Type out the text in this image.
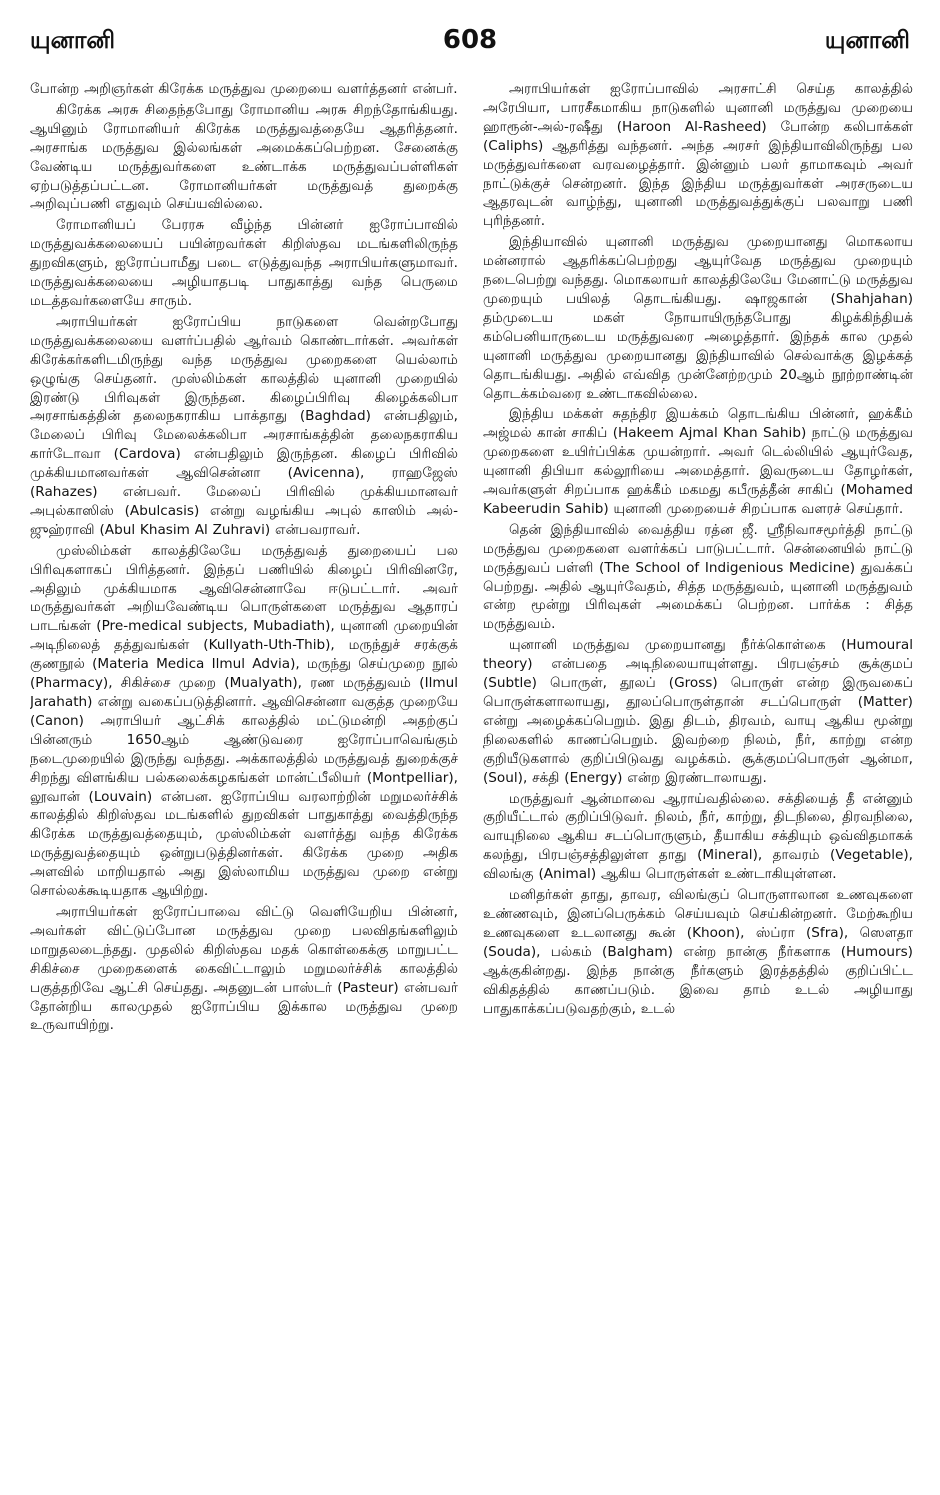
யுனானி	608	யுனானி

போன்ற அறிஞர்கள் கிரேக்க மருத்துவ முறையை வளர்த்தனர் என்பர்.

கிரேக்க அரசு சிதைந்தபோது ரோமானிய அரசு சிறந்தோங்கியது. ஆயினும் ரோமானியர் கிரேக்க மருத்துவத்தையே ஆதரித்தனர். அரசாங்க மருத்துவ இல்லங்கள் அமைக்கப்பெற்றன. சேனைக்கு வேண்டிய மருத்துவர்களை உண்டாக்க மருத்துவப்பள்ளிகள் ஏற்படுத்தப்பட்டன. ரோமானியர்கள் மருத்துவத் துறைக்கு அறிவுப்பணி எதுவும் செய்யவில்லை.

ரோமானியப் பேரரசு வீழ்ந்த பின்னர் ஐரோப்பாவில் மருத்துவக்கலையைப் பயின்றவர்கள் கிறிஸ்தவ மடங்களிலிருந்த துறவிகளும், ஐரோப்பாமீது படை எடுத்துவந்த அராபியர்களுமாவர். மருத்துவக்கலையை அழியாதபடி பாதுகாத்து வந்த பெருமை மடத்தவர்களையே சாரும்.

அராபியர்கள் ஐரோப்பிய நாடுகளை வென்றபோது மருத்துவக்கலையை வளர்ப்பதில் ஆர்வம் கொண்டார்கள். அவர்கள் கிரேக்கர்களிடமிருந்து வந்த மருத்துவ முறைகளை யெல்லாம் ஒழுங்கு செய்தனர். முஸ்லிம்கள் காலத்தில் யுனானி முறையில் இரண்டு பிரிவுகள் இருந்தன. கிழைப்பிரிவு கிழைக்கலிபா அரசாங்கத்தின் தலைநகராகிய பாக்தாது (Baghdad) என்பதிலும், மேலைப் பிரிவு மேலைக்கலிபா அரசாங்கத்தின் தலைநகராகிய கார்டோவா (Cardova) என்பதிலும் இருந்தன. கிழைப் பிரிவில் முக்கியமானவர்கள் ஆவிசென்னா (Avicenna), ராஹஜேஸ் (Rahazes) என்பவர். மேலைப் பிரிவில் முக்கியமானவர் அபுல்காஸிஸ் (Abulcasis) என்று வழங்கிய அபுல் காஸிம் அல்-ஜுஹ்ராவி (Abul Khasim Al Zuhravi) என்பவராவர்.

முஸ்லிம்கள் காலத்திலேயே மருத்துவத் துறையைப் பல பிரிவுகளாகப் பிரித்தனர். இந்தப் பணியில் கிழைப் பிரிவினரே, அதிலும் முக்கியமாக ஆவிசென்னாவே ஈடுபட்டார். அவர் மருத்துவர்கள் அறியவேண்டிய பொருள்களை மருத்துவ ஆதாரப் பாடங்கள் (Pre-medical subjects, Mubadiath), யுனானி முறையின் அடிநிலைத் தத்துவங்கள் (Kullyath-Uth-Thib), மருந்துச் சரக்குக் குணநூல் (Materia Medica Ilmul Advia), மருந்து செய்முறை நூல் (Pharmacy), சிகிச்சை முறை (Mualyath), ரண மருத்துவம் (Ilmul Jarahath) என்று வகைப்படுத்தினார். ஆவிசென்னா வகுத்த முறையே (Canon) அராபியர் ஆட்சிக் காலத்தில் மட்டுமன்றி அதற்குப் பின்னரும் 1650ஆம் ஆண்டுவரை ஐரோப்பாவெங்கும் நடைமுறையில் இருந்து வந்தது. அக்காலத்தில் மருத்துவத் துறைக்குச் சிறந்து விளங்கிய பல்கலைக்கழகங்கள் மான்ட்பீலியர் (Montpelliar), லூவான் (Louvain) என்பன. ஐரோப்பிய வரலாற்றின் மறுமலர்ச்சிக் காலத்தில் கிறிஸ்தவ மடங்களில் துறவிகள் பாதுகாத்து வைத்திருந்த கிரேக்க மருத்துவத்தையும், முஸ்லிம்கள் வளர்த்து வந்த கிரேக்க மருத்துவத்தையும் ஒன்றுபடுத்தினர்கள். கிரேக்க முறை அதிக அளவில் மாறியதால் அது இஸ்லாமிய மருத்துவ முறை என்று சொல்லக்கூடியதாக ஆயிற்று.

அராபியர்கள் ஐரோப்பாவை விட்டு வெளியேறிய பின்னர், அவர்கள் விட்டுப்போன மருத்துவ முறை பலவிதங்களிலும் மாறுதலடைந்தது. முதலில் கிறிஸ்தவ மதக் கொள்கைக்கு மாறுபட்ட சிகிச்சை முறைகளைக் கைவிட்டாலும் மறுமலர்ச்சிக் காலத்தில் பகுத்தறிவே ஆட்சி செய்தது. அதனுடன் பாஸ்டர் (Pasteur) என்பவர் தோன்றிய காலமுதல் ஐரோப்பிய இக்கால மருத்துவ முறை உருவாயிற்று.

அராபியர்கள் ஐரோப்பாவில் அரசாட்சி செய்த காலத்தில் அரேபியா, பாரசீகமாகிய நாடுகளில் யுனானி மருத்துவ முறையை ஹாரூன்-அல்-ரஷீது (Haroon Al-Rasheed) போன்ற கலிபாக்கள் (Caliphs) ஆதரித்து வந்தனர். அந்த அரசர் இந்தியாவிலிருந்து பல மருத்துவர்களை வரவழைத்தார். இன்னும் பலர் தாமாகவும் அவர் நாட்டுக்குச் சென்றனர். இந்த இந்திய மருத்துவர்கள் அரசருடைய ஆதரவுடன் வாழ்ந்து, யுனானி மருத்துவத்துக்குப் பலவாறு பணி புரிந்தனர்.

இந்தியாவில் யுனானி மருத்துவ முறையானது மொகலாய மன்னரால் ஆதரிக்கப்பெற்றது ஆயுர்வேத மருத்துவ முறையும் நடைபெற்று வந்தது. மொகலாயர் காலத்திலேயே மேனாட்டு மருத்துவ முறையும் பயிலத் தொடங்கியது. ஷாஜகான் (Shahjahan) தம்முடைய மகள் நோயாயிருந்தபோது கிழக்கிந்தியக் கம்பெனியாருடைய மருத்துவரை அழைத்தார். இந்தக் கால முதல் யுனானி மருத்துவ முறையானது இந்தியாவில் செல்வாக்கு இழக்கத் தொடங்கியது. அதில் எவ்வித முன்னேற்றமும் 20ஆம் நூற்றாண்டின் தொடக்கம்வரை உண்டாகவில்லை.

இந்திய மக்கள் சுதந்திர இயக்கம் தொடங்கிய பின்னர், ஹக்கீம் அஜ்மல் கான் சாகிப் (Hakeem Ajmal Khan Sahib) நாட்டு மருத்துவ முறைகளை உயிர்ப்பிக்க முயன்றார். அவர் டெல்லியில் ஆயுர்வேத, யுனானி திபியா கல்லூரியை அமைத்தார். இவருடைய தோழர்கள், அவர்களுள் சிறப்பாக ஹக்கீம் மகமது கபீருத்தீன் சாகிப் (Mohamed Kabeerudin Sahib) யுனானி முறையைச் சிறப்பாக வளரச் செய்தார்.

தென் இந்தியாவில் வைத்திய ரத்ன ஜீ. ஸ்ரீநிவாசமூர்த்தி நாட்டு மருத்துவ முறைகளை வளர்க்கப் பாடுபட்டார். சென்னையில் நாட்டு மருத்துவப் பள்ளி (The School of Indigenious Medicine) துவக்கப் பெற்றது. அதில் ஆயுர்வேதம், சித்த மருத்துவம், யுனானி மருத்துவம் என்ற மூன்று பிரிவுகள் அமைக்கப் பெற்றன. பார்க்க : சித்த மருத்துவம்.

யுனானி மருத்துவ முறையானது நீர்க்கொள்கை (Humoural theory) என்பதை அடிநிலையாயுள்ளது. பிரபஞ்சம் சூக்குமப் (Subtle) பொருள், தூலப் (Gross) பொருள் என்ற இருவகைப் பொருள்களாலாயது, தூலப்பொருள்தான் சடப்பொருள் (Matter) என்று அழைக்கப்பெறும். இது திடம், திரவம், வாயு ஆகிய மூன்று நிலைகளில் காணப்பெறும். இவற்றை நிலம், நீர், காற்று என்ற குறியீடுகளால் குறிப்பிடுவது வழக்கம். சூக்குமப்பொருள் ஆன்மா, (Soul), சக்தி (Energy) என்ற இரண்டாலாயது.

மருத்துவர் ஆன்மாவை ஆராய்வதில்லை. சக்தியைத் தீ என்னும் குறியீட்டால் குறிப்பிடுவர். நிலம், நீர், காற்று, திடநிலை, திரவநிலை, வாயுநிலை ஆகிய சடப்பொருளும், தீயாகிய சக்தியும் ஒவ்விதமாகக் கலந்து, பிரபஞ்சத்திலுள்ள தாது (Mineral), தாவரம் (Vegetable), விலங்கு (Animal) ஆகிய பொருள்கள் உண்டாகியுள்ளன.

மனிதர்கள் தாது, தாவர, விலங்குப் பொருளாலான உணவுகளை உண்ணவும், இனப்பெருக்கம் செய்யவும் செய்கின்றனர். மேற்கூறிய உணவுகளை உடலானது கூன் (Khoon), ஸ்ப்ரா (Sfra), ஸௌதா (Souda), பல்கம் (Balgham) என்ற நான்கு நீர்களாக (Humours) ஆக்குகின்றது. இந்த நான்கு நீர்களும் இரத்தத்தில் குறிப்பிட்ட விகிதத்தில் காணப்படும். இவை தாம் உடல் அழியாது பாதுகாக்கப்படுவதற்கும், உடல்
